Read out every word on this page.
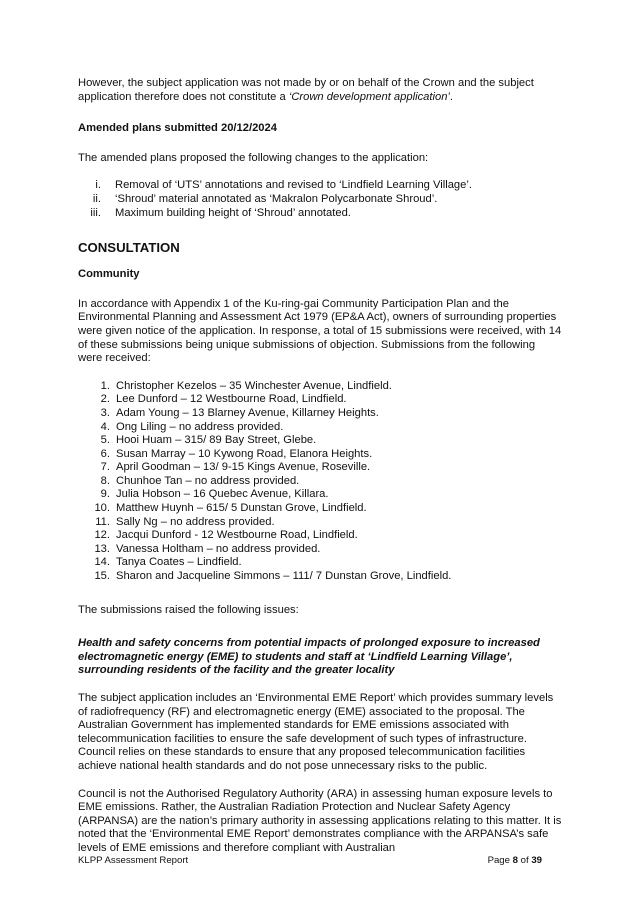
However, the subject application was not made by or on behalf of the Crown and the subject application therefore does not constitute a ‘Crown development application’.

Amended plans submitted 20/12/2024

The amended plans proposed the following changes to the application:

i.	Removal of ‘UTS’ annotations and revised to ‘Lindfield Learning Village’.
ii.	‘Shroud’ material annotated as ‘Makralon Polycarbonate Shroud’.
iii.	Maximum building height of ‘Shroud’ annotated.

CONSULTATION

Community

In accordance with Appendix 1 of the Ku-ring-gai Community Participation Plan and the Environmental Planning and Assessment Act 1979 (EP&A Act), owners of surrounding properties were given notice of the application. In response, a total of 15 submissions were received, with 14 of these submissions being unique submissions of objection. Submissions from the following were received:

1. Christopher Kezelos – 35 Winchester Avenue, Lindfield.
2. Lee Dunford – 12 Westbourne Road, Lindfield.
3. Adam Young – 13 Blarney Avenue, Killarney Heights.
4. Ong Liling – no address provided.
5. Hooi Huam – 315/ 89 Bay Street, Glebe.
6. Susan Marray – 10 Kywong Road, Elanora Heights.
7. April Goodman – 13/ 9-15 Kings Avenue, Roseville.
8. Chunhoe Tan – no address provided.
9. Julia Hobson – 16 Quebec Avenue, Killara.
10. Matthew Huynh – 615/ 5 Dunstan Grove, Lindfield.
11. Sally Ng – no address provided.
12. Jacqui Dunford - 12 Westbourne Road, Lindfield.
13. Vanessa Holtham – no address provided.
14. Tanya Coates – Lindfield.
15. Sharon and Jacqueline Simmons – 111/ 7 Dunstan Grove, Lindfield.

The submissions raised the following issues:

Health and safety concerns from potential impacts of prolonged exposure to increased electromagnetic energy (EME) to students and staff at ‘Lindfield Learning Village’, surrounding residents of the facility and the greater locality

The subject application includes an ‘Environmental EME Report’ which provides summary levels of radiofrequency (RF) and electromagnetic energy (EME) associated to the proposal. The Australian Government has implemented standards for EME emissions associated with telecommunication facilities to ensure the safe development of such types of infrastructure. Council relies on these standards to ensure that any proposed telecommunication facilities achieve national health standards and do not pose unnecessary risks to the public.

Council is not the Authorised Regulatory Authority (ARA) in assessing human exposure levels to EME emissions. Rather, the Australian Radiation Protection and Nuclear Safety Agency (ARPANSA) are the nation’s primary authority in assessing applications relating to this matter. It is noted that the ‘Environmental EME Report’ demonstrates compliance with the ARPANSA’s safe levels of EME emissions and therefore compliant with Australian

KLPP Assessment Report	Page 8 of 39
